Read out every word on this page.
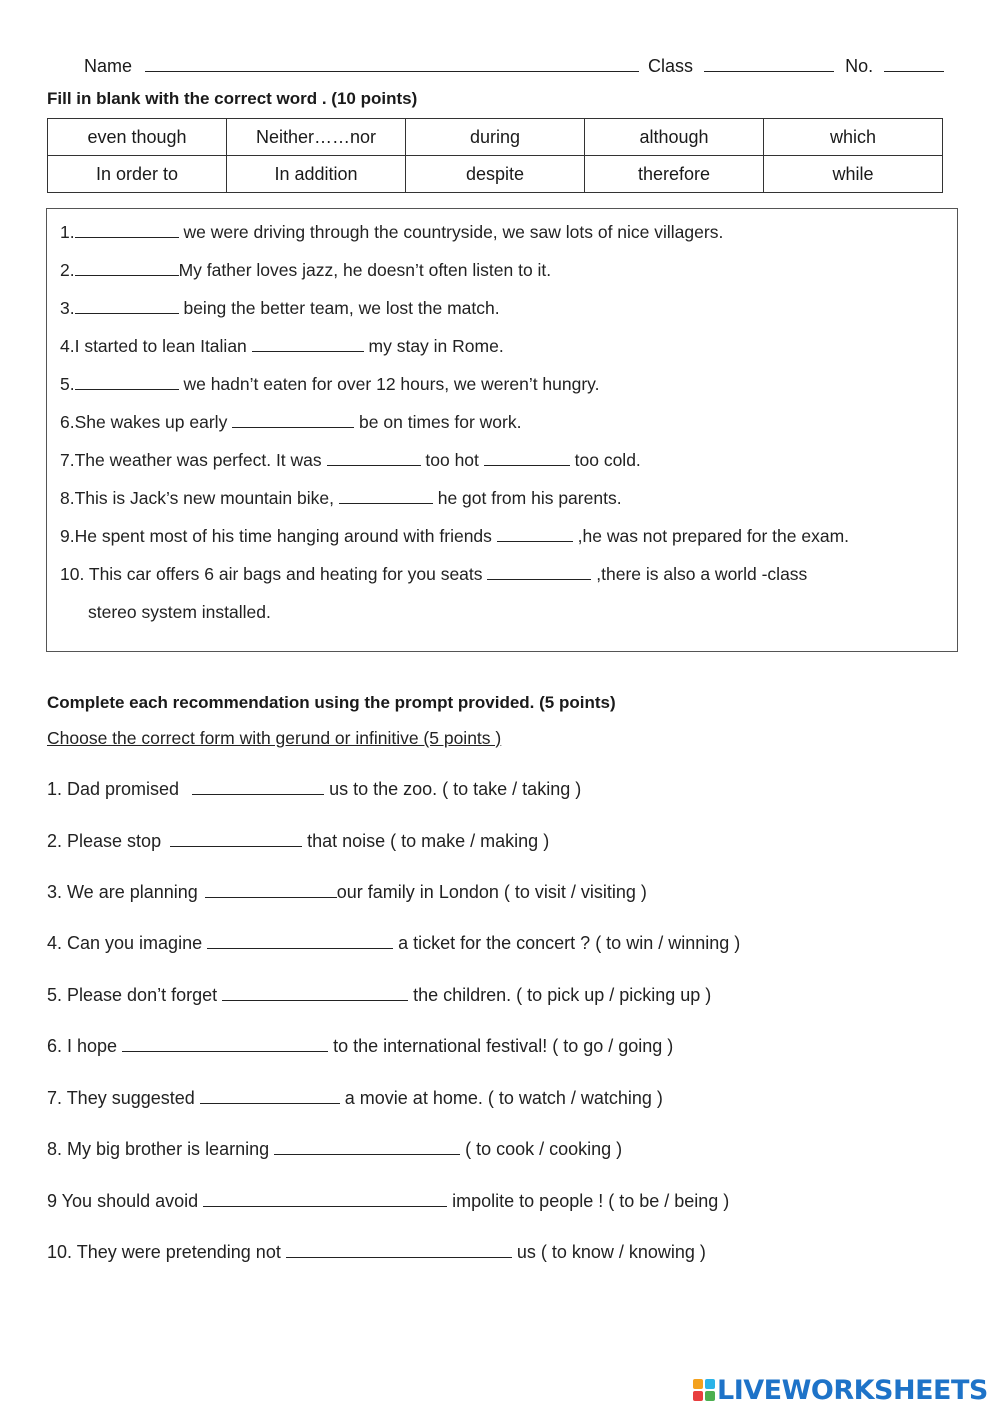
Name	Class	No.
Fill in blank with the correct word . (10 points)
even though	Neither……nor	during	although	which
In order to	In addition	despite	therefore	while
1.	we were driving through the countryside, we saw lots of nice villagers.
2.	My father loves jazz, he doesn’t often listen to it.
3.	being the better team, we lost the match.
4.I started to lean Italian	my stay in Rome.
5.	we hadn’t eaten for over 12 hours, we weren’t hungry.
6.She wakes up early	be on times for work.
7.The weather was perfect. It was	too hot	too cold.
8.This is Jack’s new mountain bike,	he got from his parents.
9.He spent most of his time hanging around with friends	,he was not prepared for the exam.
10. This car offers 6 air bags and heating for you seats	,there is also a world -class
stereo system installed.
Complete each recommendation using the prompt provided. (5 points)
Choose the correct form with gerund or infinitive (5 points )
1. Dad promised	us to the zoo. ( to take / taking )
2. Please stop	that noise ( to make / making )
3. We are planning	our family in London ( to visit / visiting )
4. Can you imagine	a ticket for the concert ? ( to win / winning )
5. Please don’t forget	the children. ( to pick up / picking up )
6. I hope	to the international festival! ( to go / going )
7. They suggested	a movie at home. ( to watch / watching )
8. My big brother is learning	( to cook / cooking )
9 You should avoid	impolite to people ! ( to be / being )
10. They were pretending not	us ( to know / knowing )
LIVEWORKSHEETS
